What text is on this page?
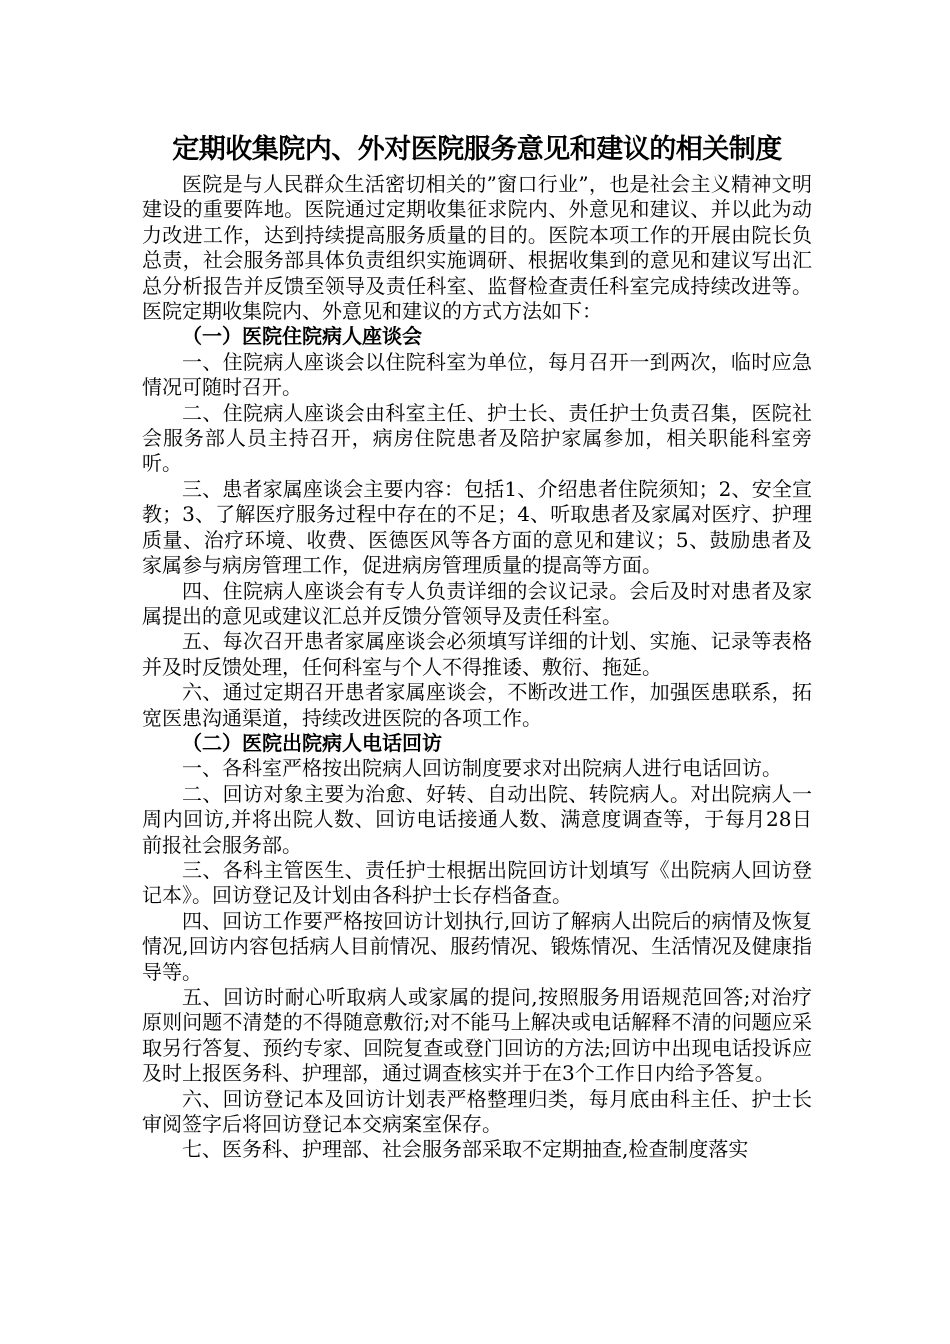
定期收集院内、外对医院服务意见和建议的相关制度

医院是与人民群众生活密切相关的”窗口行业”，也是社会主义精神文明建设的重要阵地。医院通过定期收集征求院内、外意见和建议、并以此为动力改进工作，达到持续提高服务质量的目的。医院本项工作的开展由院长负总责，社会服务部具体负责组织实施调研、根据收集到的意见和建议写出汇总分析报告并反馈至领导及责任科室、监督检查责任科室完成持续改进等。医院定期收集院内、外意见和建议的方式方法如下：

（一）医院住院病人座谈会

一、住院病人座谈会以住院科室为单位，每月召开一到两次，临时应急情况可随时召开。

二、住院病人座谈会由科室主任、护士长、责任护士负责召集，医院社会服务部人员主持召开，病房住院患者及陪护家属参加，相关职能科室旁听。

三、患者家属座谈会主要内容：包括1、介绍患者住院须知；2、安全宣教；3、了解医疗服务过程中存在的不足；4、听取患者及家属对医疗、护理质量、治疗环境、收费、医德医风等各方面的意见和建议；5、鼓励患者及家属参与病房管理工作，促进病房管理质量的提高等方面。

四、住院病人座谈会有专人负责详细的会议记录。会后及时对患者及家属提出的意见或建议汇总并反馈分管领导及责任科室。

五、每次召开患者家属座谈会必须填写详细的计划、实施、记录等表格并及时反馈处理，任何科室与个人不得推诿、敷衍、拖延。

六、通过定期召开患者家属座谈会，不断改进工作，加强医患联系，拓宽医患沟通渠道，持续改进医院的各项工作。

（二）医院出院病人电话回访

一、各科室严格按出院病人回访制度要求对出院病人进行电话回访。

二、回访对象主要为治愈、好转、自动出院、转院病人。对出院病人一周内回访,并将出院人数、回访电话接通人数、满意度调查等，于每月28日前报社会服务部。

三、各科主管医生、责任护士根据出院回访计划填写《出院病人回访登记本》。回访登记及计划由各科护士长存档备查。

四、回访工作要严格按回访计划执行,回访了解病人出院后的病情及恢复情况,回访内容包括病人目前情况、服药情况、锻炼情况、生活情况及健康指导等。

五、回访时耐心听取病人或家属的提问,按照服务用语规范回答;对治疗原则问题不清楚的不得随意敷衍;对不能马上解决或电话解释不清的问题应采取另行答复、预约专家、回院复查或登门回访的方法;回访中出现电话投诉应及时上报医务科、护理部，通过调查核实并于在3个工作日内给予答复。

六、回访登记本及回访计划表严格整理归类，每月底由科主任、护士长审阅签字后将回访登记本交病案室保存。

七、医务科、护理部、社会服务部采取不定期抽查,检查制度落实
